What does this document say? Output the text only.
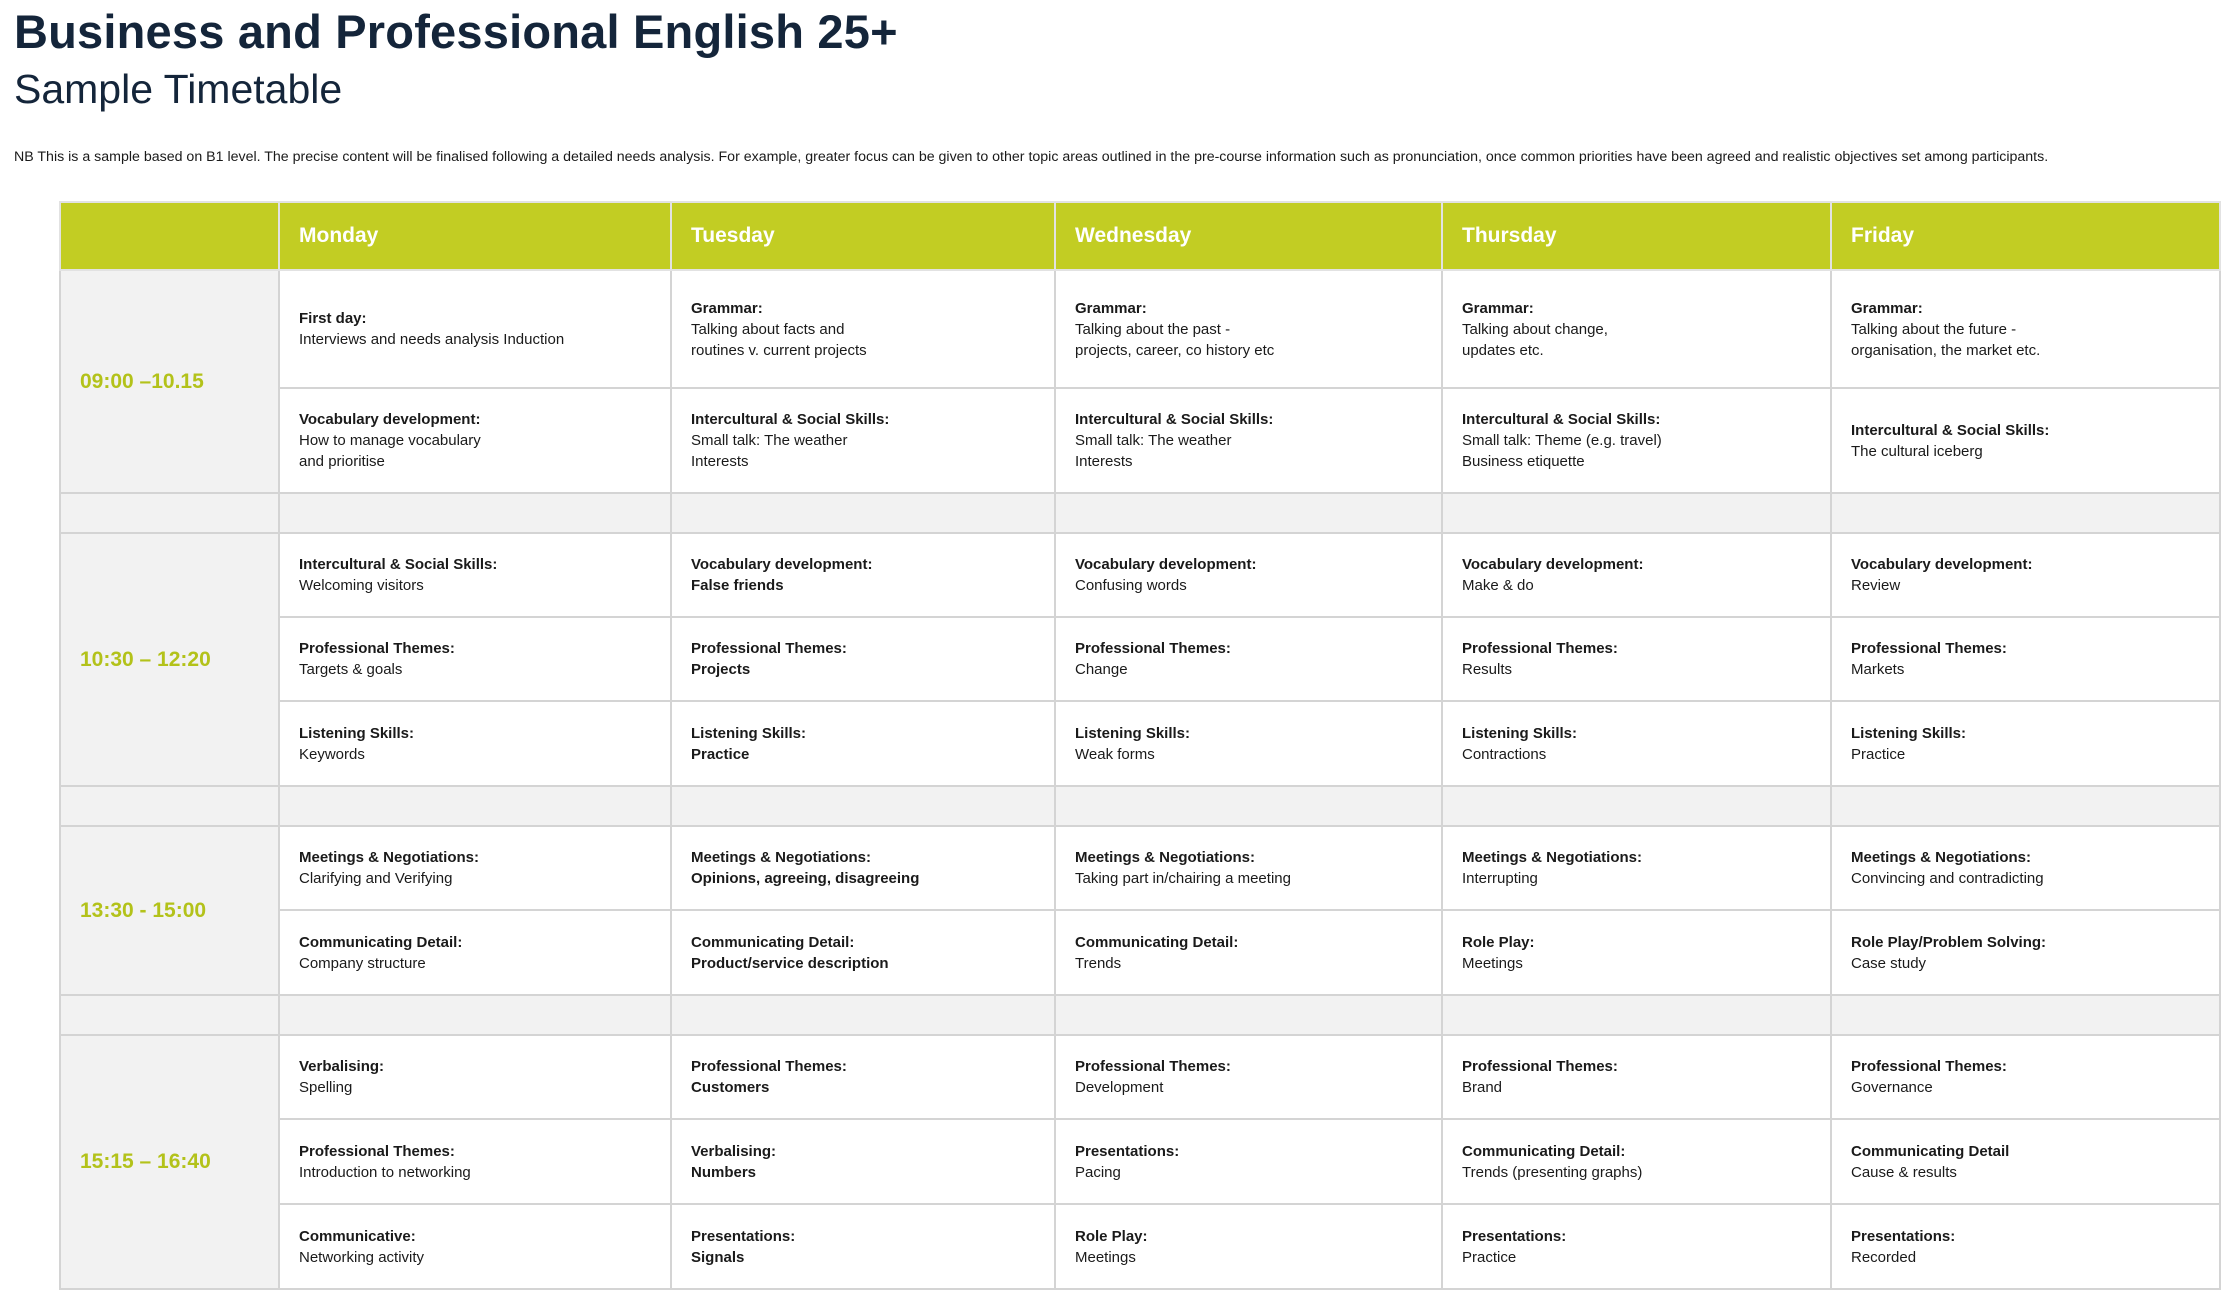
Business and Professional English 25+
Sample Timetable
NB This is a sample based on B1 level. The precise content will be finalised following a detailed needs analysis. For example, greater focus can be given to other topic areas outlined in the pre-course information such as pronunciation, once common priorities have been agreed and realistic objectives set among participants.
	Monday	Tuesday	Wednesday	Thursday	Friday
09:00 –10.15	First day:
Interviews and needs analysis Induction	Grammar:
Talking about facts and
routines v. current projects	Grammar:
Talking about the past -
projects, career, co history etc	Grammar:
Talking about change,
updates etc.	Grammar:
Talking about the future -
organisation, the market etc.

	Vocabulary development:
How to manage vocabulary
and prioritise	Intercultural & Social Skills:
Small talk: The weather
Interests	Intercultural & Social Skills:
Small talk: The weather
Interests	Intercultural & Social Skills:
Small talk: Theme (e.g. travel)
Business etiquette	Intercultural & Social Skills:
The cultural iceberg

10:30 – 12:20	Intercultural & Social Skills:
Welcoming visitors	Vocabulary development:
False friends	Vocabulary development:
Confusing words	Vocabulary development:
Make & do	Vocabulary development:
Review

	Professional Themes:
Targets & goals	Professional Themes:
Projects	Professional Themes:
Change	Professional Themes:
Results	Professional Themes:
Markets

	Listening Skills:
Keywords	Listening Skills:
Practice	Listening Skills:
Weak forms	Listening Skills:
Contractions	Listening Skills:
Practice

13:30 - 15:00	Meetings & Negotiations:
Clarifying and Verifying	Meetings & Negotiations:
Opinions, agreeing, disagreeing	Meetings & Negotiations:
Taking part in/chairing a meeting	Meetings & Negotiations:
Interrupting	Meetings & Negotiations:
Convincing and contradicting

	Communicating Detail:
Company structure	Communicating Detail:
Product/service description	Communicating Detail:
Trends	Role Play:
Meetings	Role Play/Problem Solving:
Case study

15:15 – 16:40	Verbalising:
Spelling	Professional Themes:
Customers	Professional Themes:
Development	Professional Themes:
Brand	Professional Themes:
Governance

	Professional Themes:
Introduction to networking	Verbalising:
Numbers	Presentations:
Pacing	Communicating Detail:
Trends (presenting graphs)	Communicating Detail
Cause & results

	Communicative:
Networking activity	Presentations:
Signals	Role Play:
Meetings	Presentations:
Practice	Presentations:
Recorded
